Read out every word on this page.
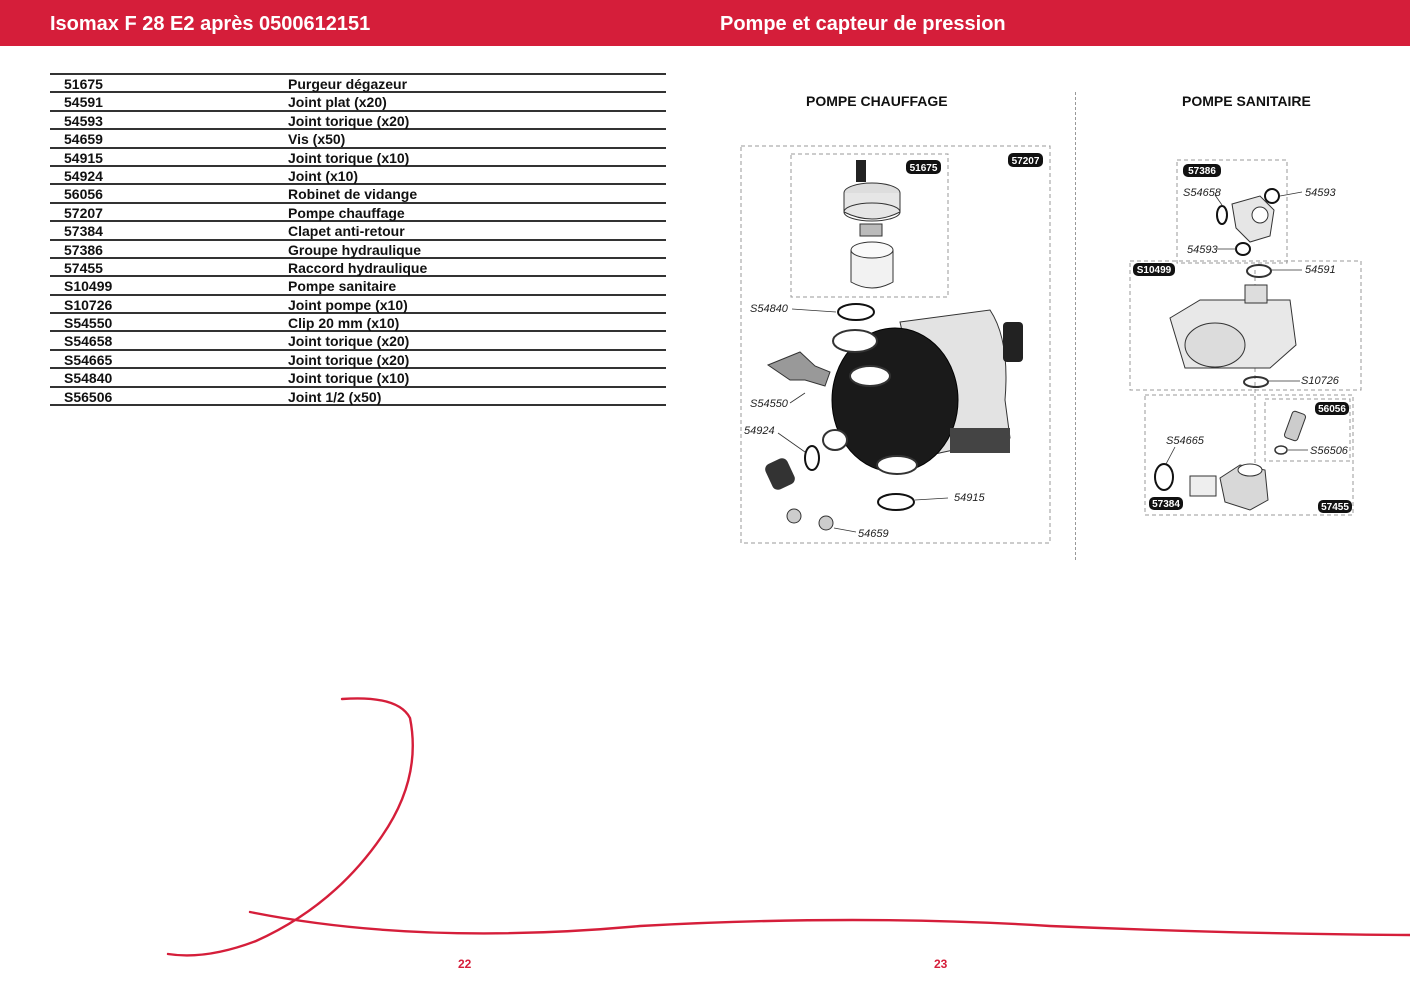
Isomax F 28 E2 après 0500612151	Pompe et capteur de pression
51675	Purgeur dégazeur
54591	Joint plat (x20)
54593	Joint torique (x20)
54659	Vis (x50)
54915	Joint torique (x10)
54924	Joint (x10)
56056	Robinet de vidange
57207	Pompe chauffage
57384	Clapet anti-retour
57386	Groupe hydraulique
57455	Raccord hydraulique
S10499	Pompe sanitaire
S10726	Joint pompe (x10)
S54550	Clip 20 mm (x10)
S54658	Joint torique (x20)
S54665	Joint torique (x20)
S54840	Joint torique (x10)
S56506	Joint 1/2 (x50)
POMPE CHAUFFAGE	POMPE SANITAIRE
51675
57207
S54840
S54550
54924
54915
54659
57386
S10499
56056
57384	57455
S54658	54593
54593
54591
S10726
S54665
S56506
22	23
